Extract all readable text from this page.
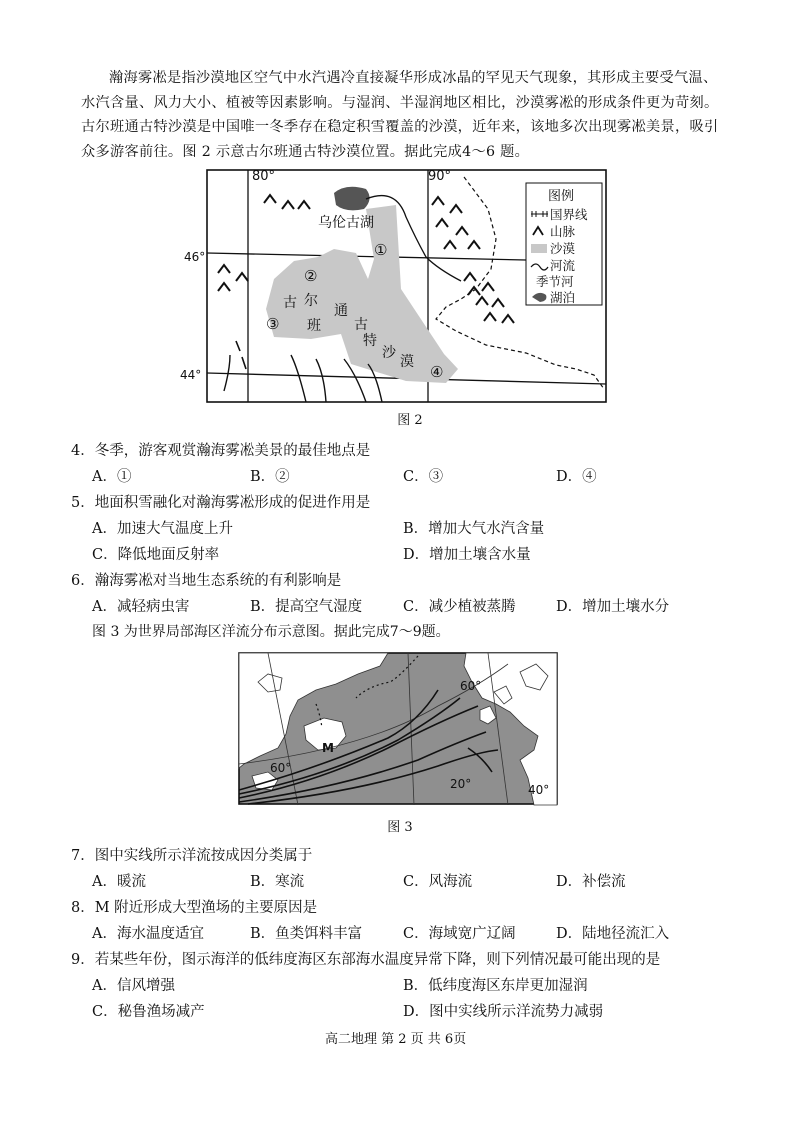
瀚海雾凇是指沙漠地区空气中水汽遇冷直接凝华形成冰晶的罕见天气现象，其形成主要受气温、水汽含量、风力大小、植被等因素影响。与湿润、半湿润地区相比，沙漠雾凇的形成条件更为苛刻。古尔班通古特沙漠是中国唯一冬季存在稳定积雪覆盖的沙漠，近年来，该地多次出现雾凇美景，吸引众多游客前往。图 2 示意古尔班通古特沙漠位置。据此完成4～6 题。

80°	90°
46°
乌伦古湖
①
②
③
④
古 尔
班
通
古
特
沙
漠
图例
国界线
山脉
沙漠
河流
季节河
湖泊
44°
图 2
4．冬季，游客观赏瀚海雾凇美景的最佳地点是
A．①	B．②	C．③	D．④
5．地面积雪融化对瀚海雾凇形成的促进作用是
A．加速大气温度上升	B．增加大气水汽含量
C．降低地面反射率	D．增加土壤含水量
6．瀚海雾凇对当地生态系统的有利影响是
A．减轻病虫害	B．提高空气湿度	C．减少植被蒸腾	D．增加土壤水分
图 3 为世界局部海区洋流分布示意图。据此完成7～9题。
60°
60°
20°	40°
M
图 3
7．图中实线所示洋流按成因分类属于
A．暖流	B．寒流	C．风海流	D．补偿流
8．M 附近形成大型渔场的主要原因是
A．海水温度适宜	B．鱼类饵料丰富	C．海域宽广辽阔	D．陆地径流汇入
9．若某些年份，图示海洋的低纬度海区东部海水温度异常下降，则下列情况最可能出现的是
A．信风增强	B．低纬度海区东岸更加湿润
C．秘鲁渔场减产	D．图中实线所示洋流势力减弱
高二地理 第 2 页 共 6页
